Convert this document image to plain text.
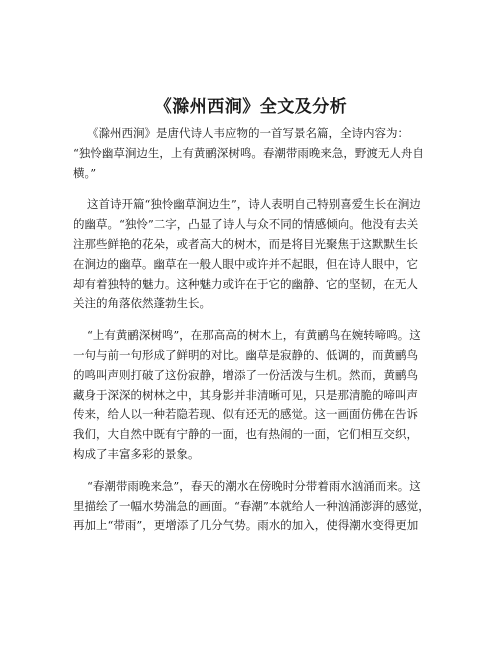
《滁州西涧》全文及分析
《滁州西涧》是唐代诗人韦应物的一首写景名篇，全诗内容为：
“独怜幽草涧边生，上有黄鹂深树鸣。春潮带雨晚来急，野渡无人舟自
横。”
这首诗开篇“独怜幽草涧边生”，诗人表明自己特别喜爱生长在涧边
的幽草。“独怜”二字，凸显了诗人与众不同的情感倾向。他没有去关
注那些鲜艳的花朵，或者高大的树木，而是将目光聚焦于这默默生长
在涧边的幽草。幽草在一般人眼中或许并不起眼，但在诗人眼中，它
却有着独特的魅力。这种魅力或许在于它的幽静、它的坚韧，在无人
关注的角落依然蓬勃生长。
“上有黄鹂深树鸣”，在那高高的树木上，有黄鹂鸟在婉转啼鸣。这
一句与前一句形成了鲜明的对比。幽草是寂静的、低调的，而黄鹂鸟
的鸣叫声则打破了这份寂静，增添了一份活泼与生机。然而，黄鹂鸟
藏身于深深的树林之中，其身影并非清晰可见，只是那清脆的啼叫声
传来，给人以一种若隐若现、似有还无的感觉。这一画面仿佛在告诉
我们，大自然中既有宁静的一面，也有热闹的一面，它们相互交织，
构成了丰富多彩的景象。
“春潮带雨晚来急”，春天的潮水在傍晚时分带着雨水汹涌而来。这
里描绘了一幅水势湍急的画面。“春潮”本就给人一种汹涌澎湃的感觉，
再加上“带雨”，更增添了几分气势。雨水的加入，使得潮水变得更加
